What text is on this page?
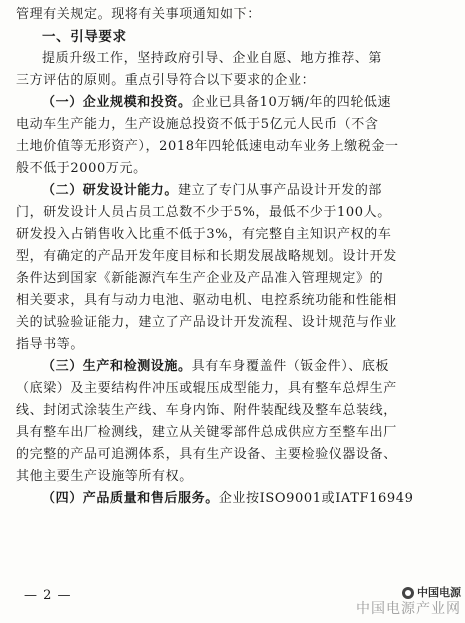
管理有关规定。现将有关事项通知如下：
一、引导要求
提质升级工作，坚持政府引导、企业自愿、地方推荐、第
三方评估的原则。重点引导符合以下要求的企业：
（一）企业规模和投资。企业已具备10万辆/年的四轮低速
电动车生产能力，生产设施总投资不低于5亿元人民币（不含
土地价值等无形资产），2018年四轮低速电动车业务上缴税金一
般不低于2000万元。
（二）研发设计能力。建立了专门从事产品设计开发的部
门，研发设计人员占员工总数不少于5%，最低不少于100人。
研发投入占销售收入比重不低于3%，有完整自主知识产权的车
型，有确定的产品开发年度目标和长期发展战略规划。设计开发
条件达到国家《新能源汽车生产企业及产品准入管理规定》的
相关要求，具有与动力电池、驱动电机、电控系统功能和性能相
关的试验验证能力，建立了产品设计开发流程、设计规范与作业
指导书等。
（三）生产和检测设施。具有车身覆盖件（钣金件）、底板
（底梁）及主要结构件冲压或辊压成型能力，具有整车总焊生产
线、封闭式涂装生产线、车身内饰、附件装配线及整车总装线，
具有整车出厂检测线，建立从关键零部件总成供应方至整车出厂
的完整的产品可追溯体系，具有生产设备、主要检验仪器设备、
其他主要生产设施等所有权。
（四）产品质量和售后服务。企业按ISO9001或IATF16949
— 2 —	中国电源
中国电源产业网
